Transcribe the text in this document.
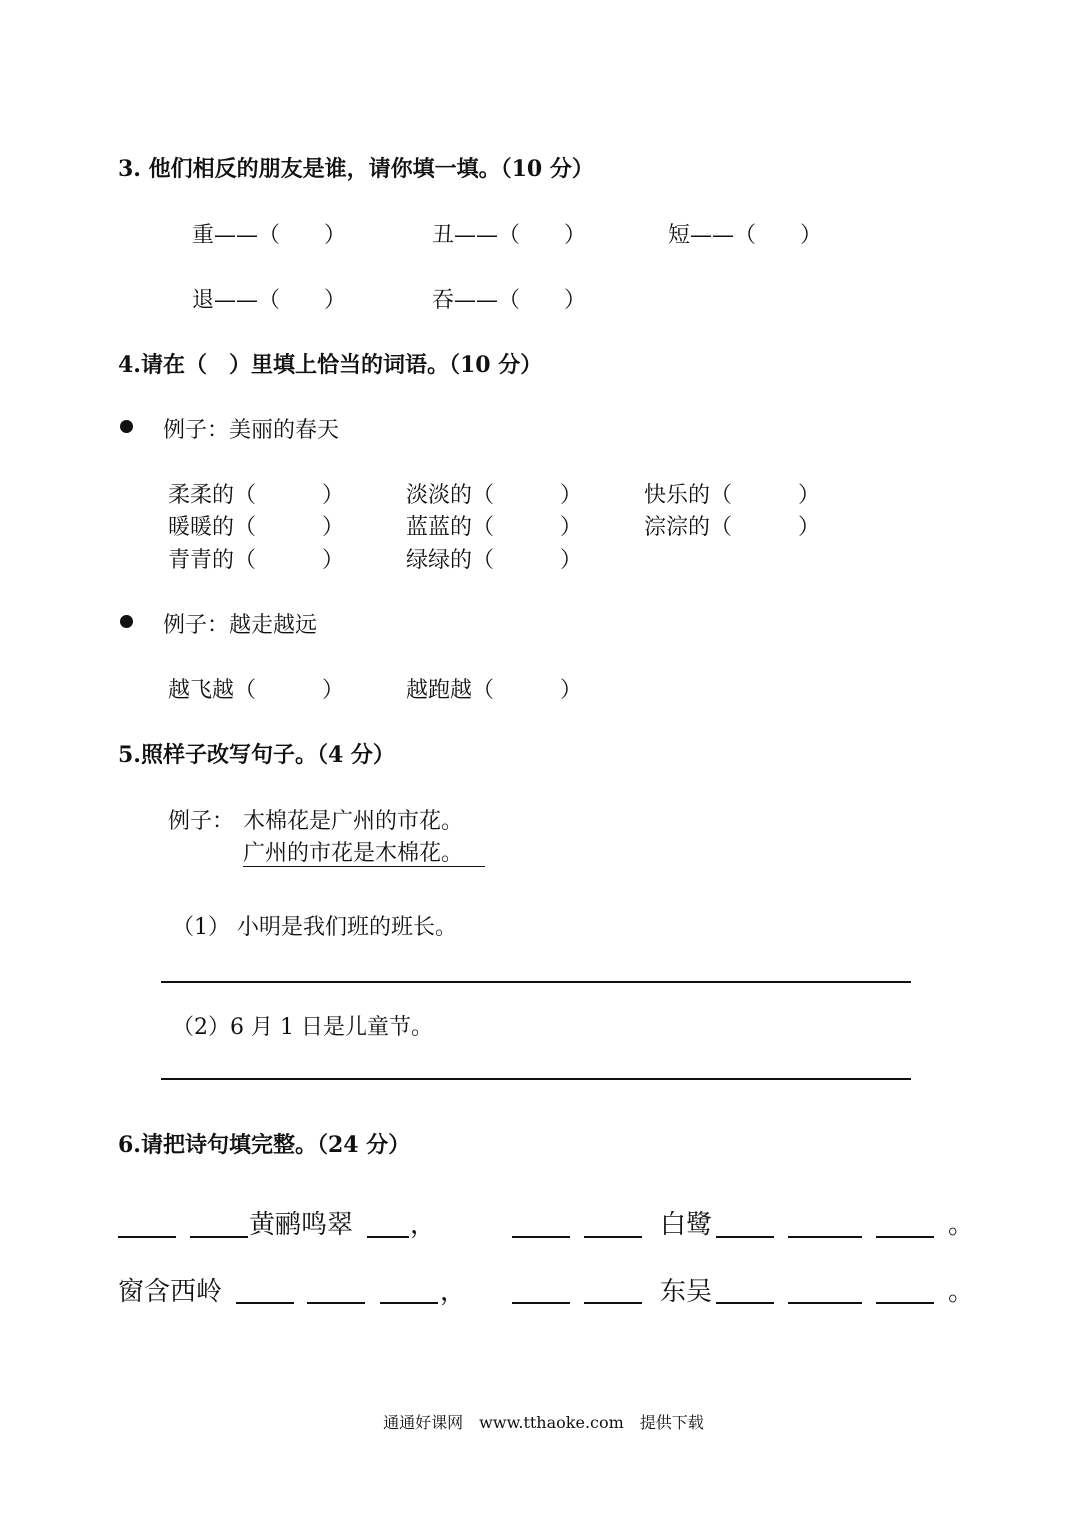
3. 他们相反的朋友是谁，请你填一填。（10 分）
重——（　　）	丑——（　　）	短——（　　）
退——（　　）	吞——（　　）
4.请在（　）里填上恰当的词语。（10 分）
例子：美丽的春天
柔柔的（　　　）	淡淡的（　　　）	快乐的（　　　）
暖暖的（　　　）	蓝蓝的（　　　）	淙淙的（　　　）
青青的（　　　）	绿绿的（　　　）
例子：越走越远
越飞越（　　　）	越跑越（　　　）
5.照样子改写句子。（4 分）
例子： 木棉花是广州的市花。
广州的市花是木棉花。
（1） 小明是我们班的班长。
（2）6 月 1 日是儿童节。
6.请把诗句填完整。（24 分）
黄鹂鸣翠 ，	白鹭	。
窗含西岭	，	东吴	。
通通好课网　www.tthaoke.com　提供下载
